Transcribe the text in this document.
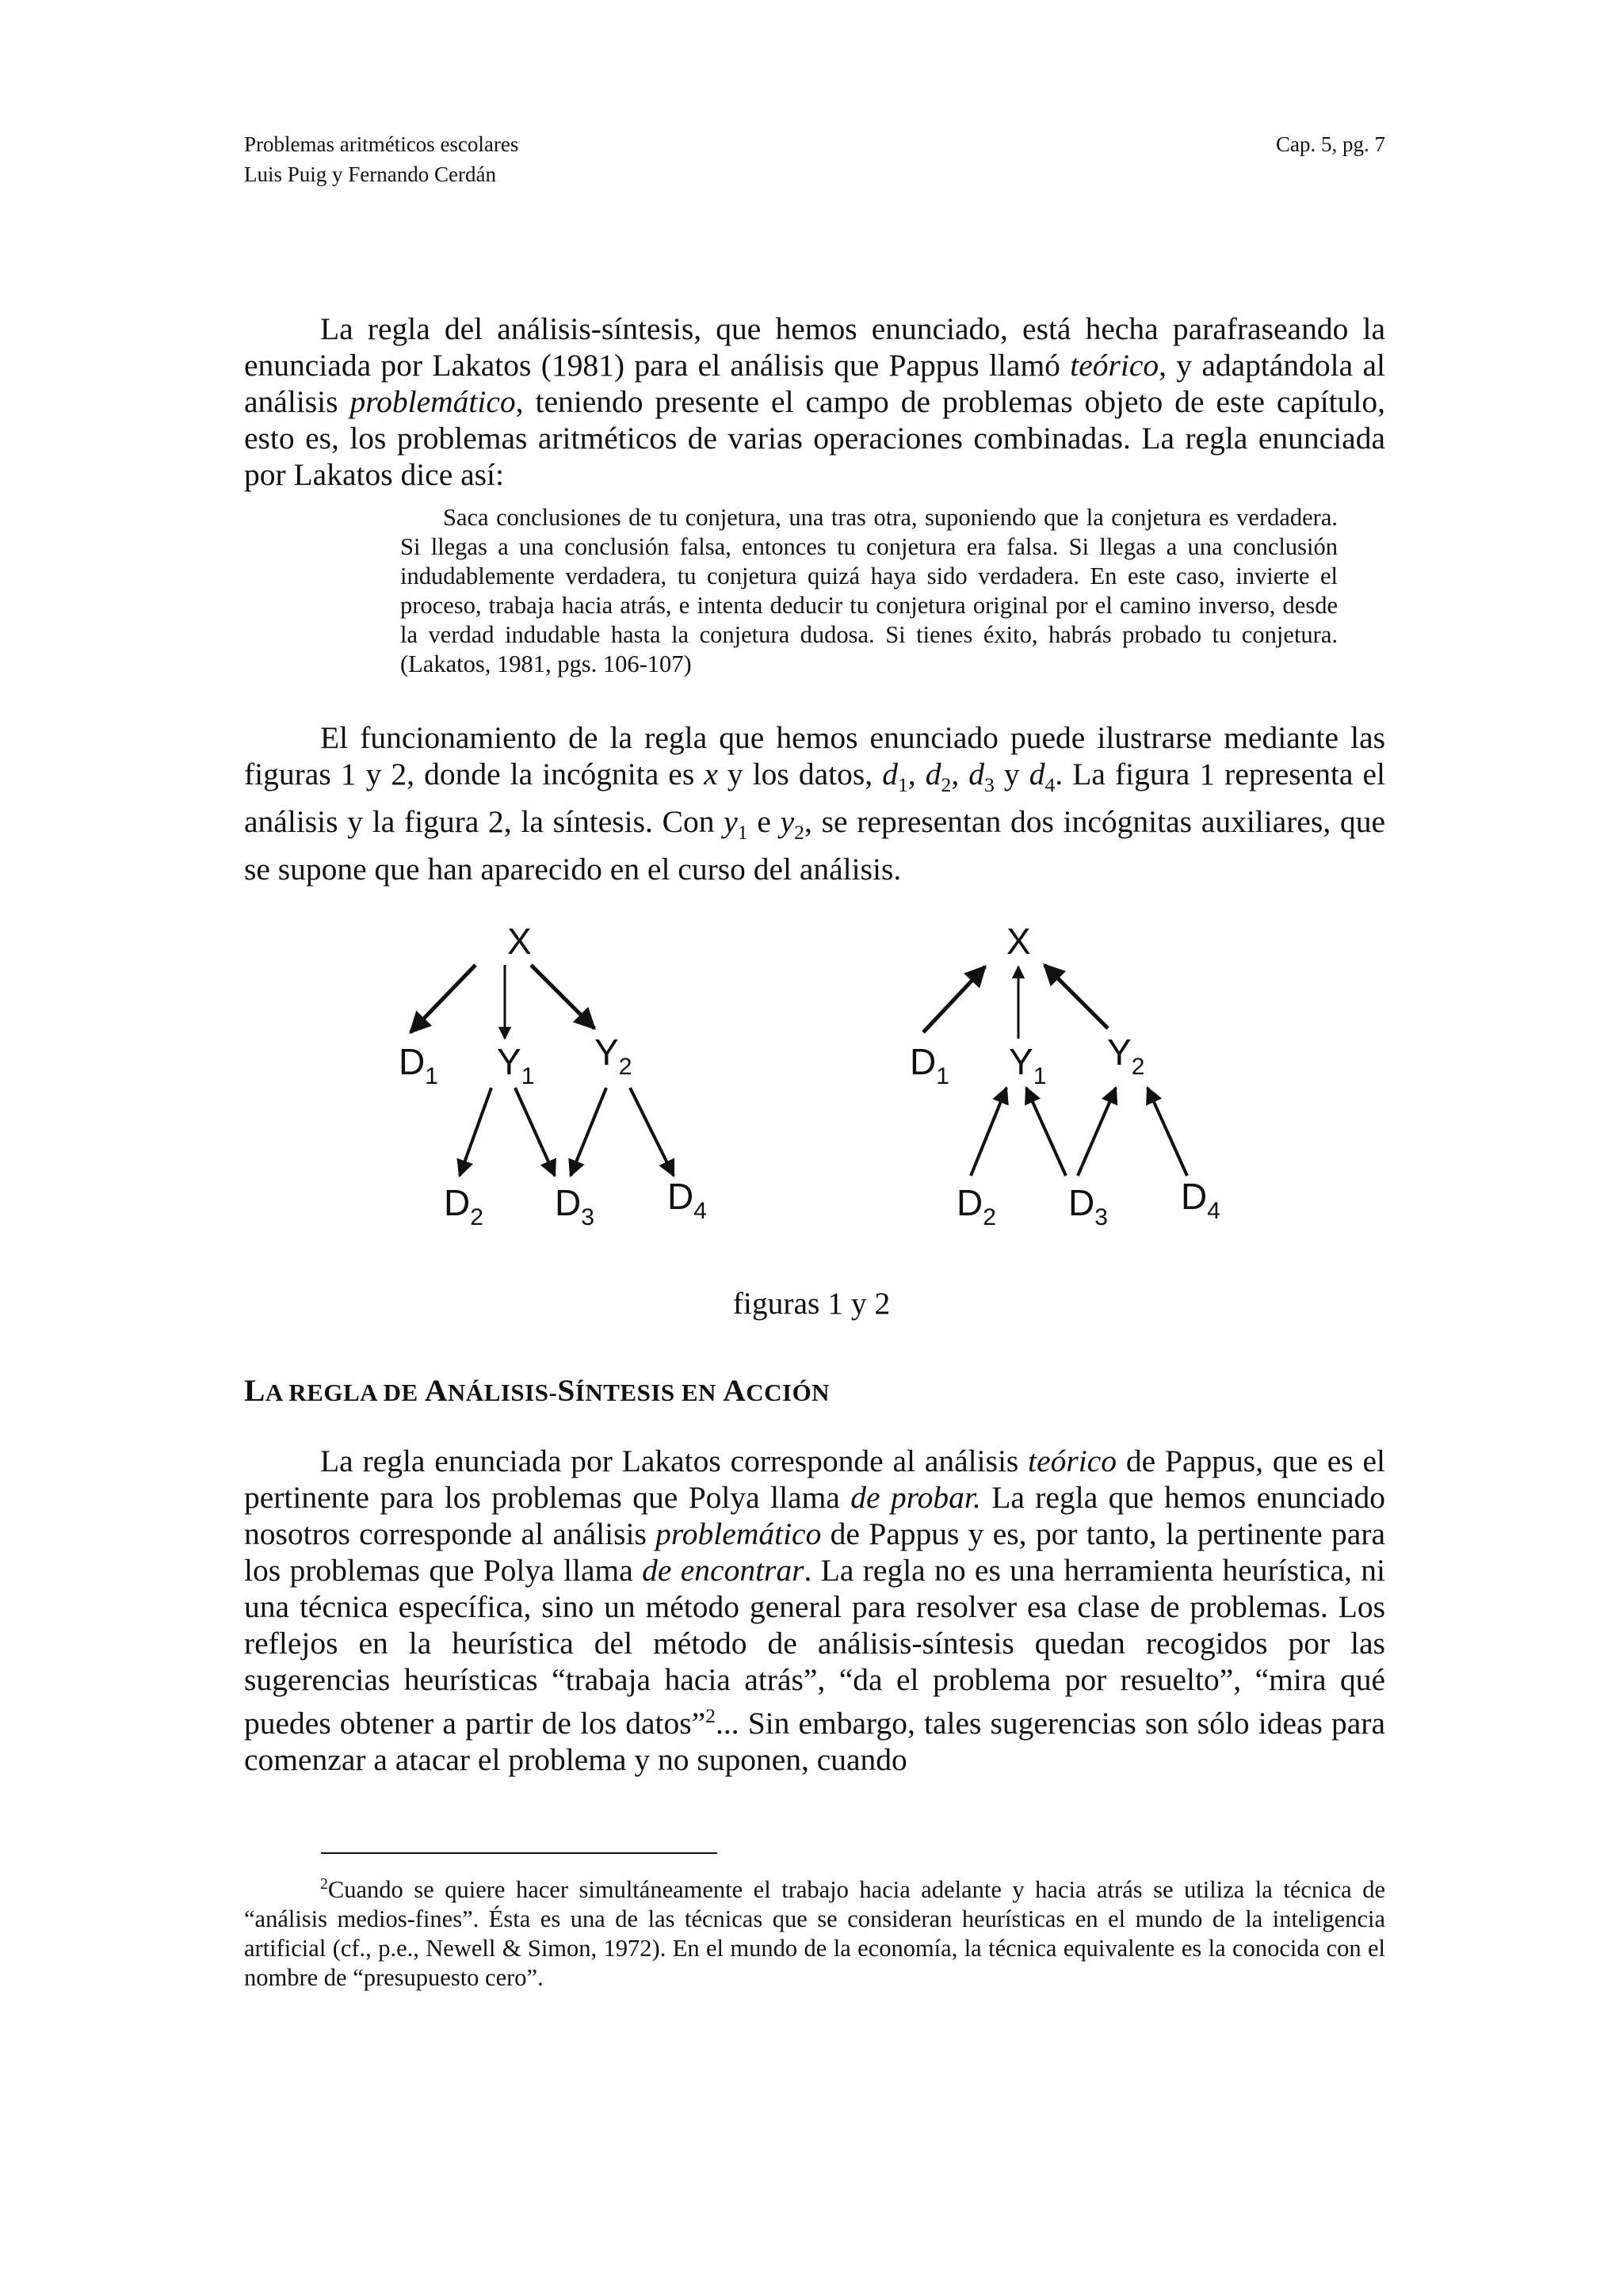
Problemas aritméticos escolares
Luis Puig y Fernando Cerdán
Cap. 5, pg. 7

La regla del análisis-síntesis, que hemos enunciado, está hecha parafraseando la enunciada por Lakatos (1981) para el análisis que Pappus llamó teórico, y adaptándola al análisis problemático, teniendo presente el campo de problemas objeto de este capítulo, esto es, los problemas aritméticos de varias operaciones combinadas. La regla enunciada por Lakatos dice así:

Saca conclusiones de tu conjetura, una tras otra, suponiendo que la conjetura es verdadera. Si llegas a una conclusión falsa, entonces tu conjetura era falsa. Si llegas a una conclusión indudablemente verdadera, tu conjetura quizá haya sido verdadera. En este caso, invierte el proceso, trabaja hacia atrás, e intenta deducir tu conjetura original por el camino inverso, desde la verdad indudable hasta la conjetura dudosa. Si tienes éxito, habrás probado tu conjetura. (Lakatos, 1981, pgs. 106-107)

El funcionamiento de la regla que hemos enunciado puede ilustrarse mediante las figuras 1 y 2, donde la incógnita es x y los datos, $d_1$, $d_2$, $d_3$ y $d_4$. La figura 1 representa el análisis y la figura 2, la síntesis. Con $y_1$ e $y_2$, se representan dos incógnitas auxiliares, que se supone que han aparecido en el curso del análisis.

X
$D_1$ $Y_1$
$Y_2$
$D_2$ $D_3$
$D_4$
X
$D_1$ $Y_1$
$Y_2$
$D_2$ $D_3$
$D_4$
figuras 1 y 2
LA REGLA DE ANÁLISIS-SÍNTESIS EN ACCIÓN

La regla enunciada por Lakatos corresponde al análisis teórico de Pappus, que es el pertinente para los problemas que Polya llama de probar. La regla que hemos enunciado nosotros corresponde al análisis problemático de Pappus y es, por tanto, la pertinente para los problemas que Polya llama de encontrar. La regla no es una herramienta heurística, ni una técnica específica, sino un método general para resolver esa clase de problemas. Los reflejos en la heurística del método de análisis-síntesis quedan recogidos por las sugerencias heurísticas “trabaja hacia atrás”, “da el problema por resuelto”, “mira qué puedes obtener a partir de los datos”$^2$... Sin embargo, tales sugerencias son sólo ideas para comenzar a atacar el problema y no suponen, cuando

$^2$Cuando se quiere hacer simultáneamente el trabajo hacia adelante y hacia atrás se utiliza la técnica de “análisis medios-fines”. Ésta es una de las técnicas que se consideran heurísticas en el mundo de la inteligencia artificial (cf., p.e., Newell & Simon, 1972). En el mundo de la economía, la técnica equivalente es la conocida con el nombre de “presupuesto cero”.
